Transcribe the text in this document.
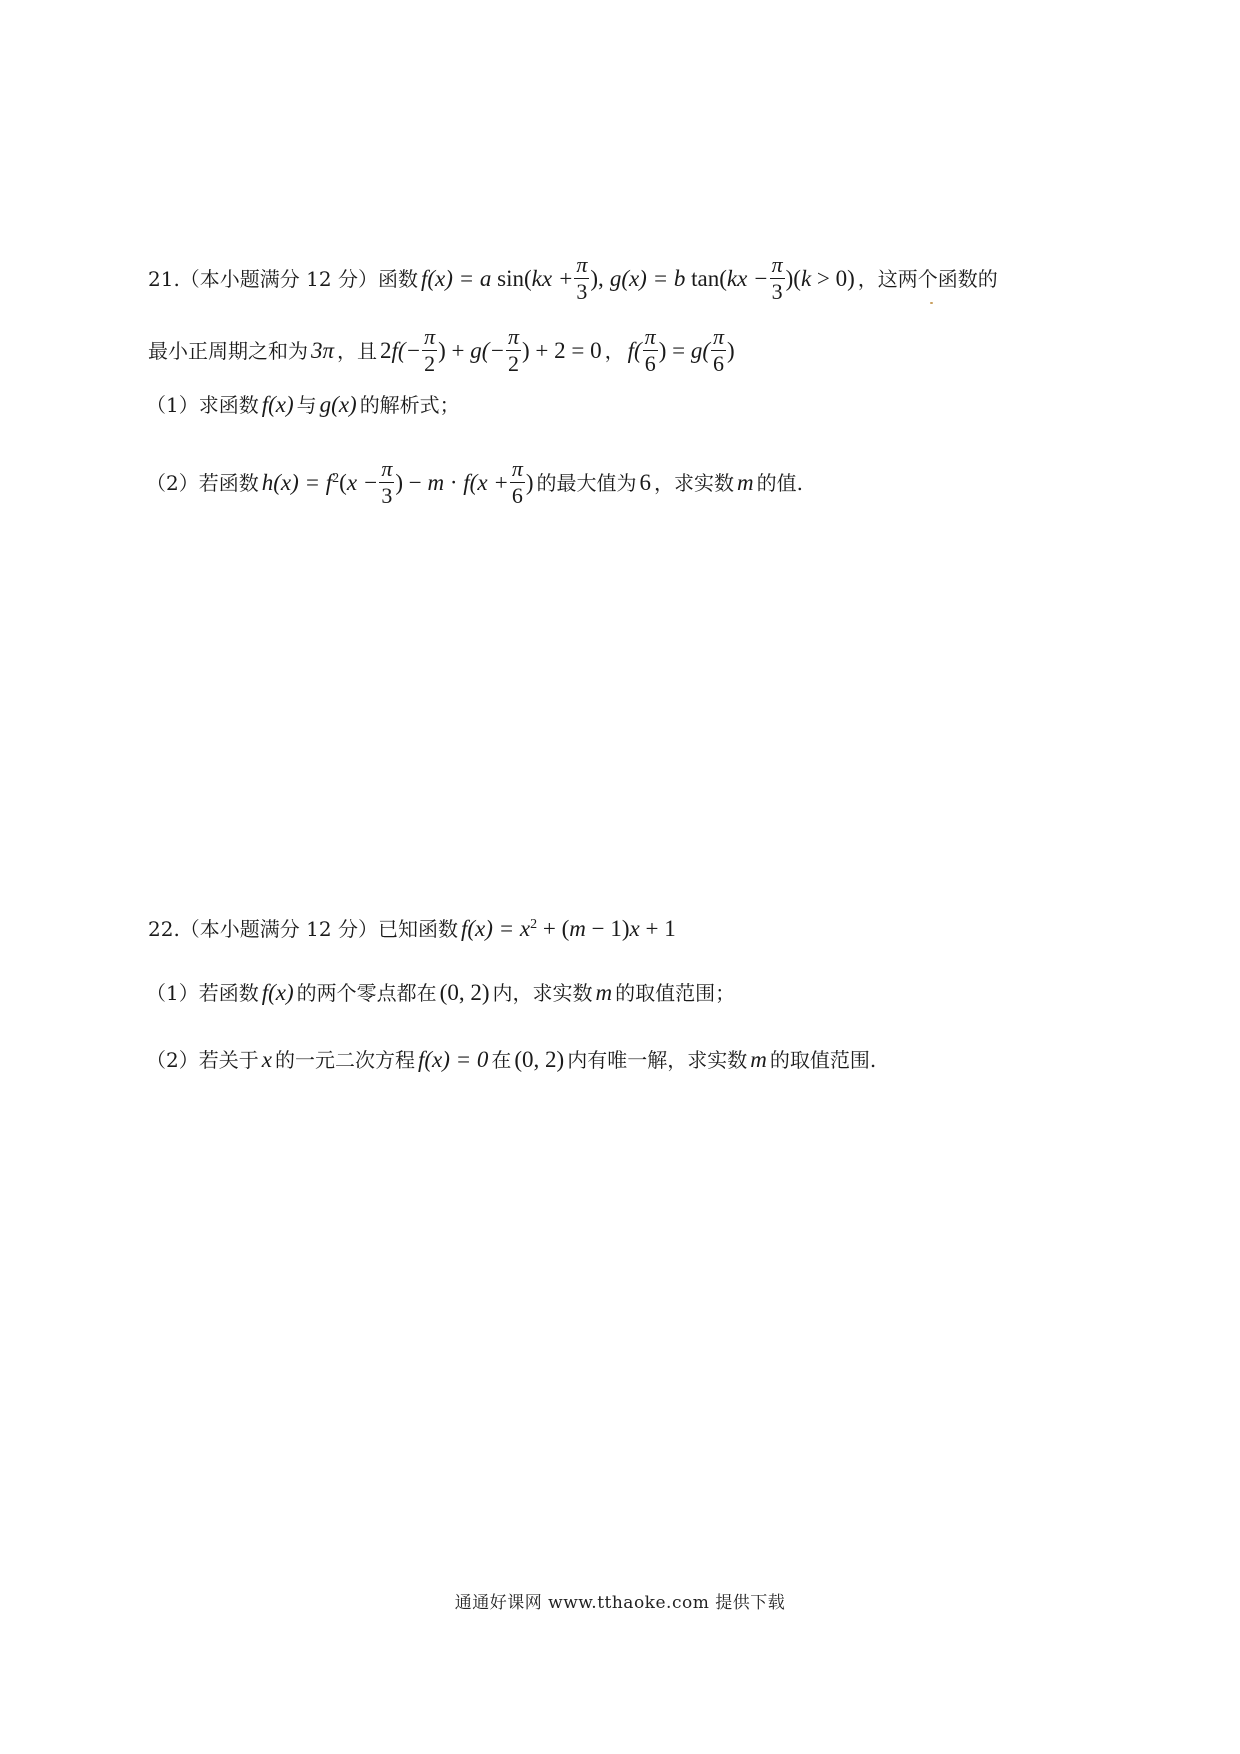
21.（本小题满分 12 分）函数 f(x) = a sin( kx + $\frac{\pi}{3}$ ), g(x) = b tan( kx − $\frac{\pi}{3}$ )( k > 0) ，这两个函数的
最小正周期之和为 3π ，且 2 $f(- \frac{\pi}{2}$ ) + $g(- \frac{\pi}{2}$ ) + 2 = 0 ， $f( \frac{\pi}{6}$ ) = $g( \frac{\pi}{6}$ )
（1）求函数 f(x) 与 g(x) 的解析式；
（2）若函数 $h(x) = f^2$ ( $x - \frac{\pi}{3}$ ) − $m \cdot f(x + \frac{\pi}{6}$ ) 的最大值为 6 ，求实数 m 的值.
22.（本小题满分 12 分）已知函数 $f(x) = x^2$ + ( m − 1) x + 1
（1）若函数 f(x) 的两个零点都在 (0, 2) 内，求实数 m 的取值范围；
（2）若关于 x 的一元二次方程 f(x) = 0 在 (0, 2) 内有唯一解，求实数 m 的取值范围.
通通好课网 www.tthaoke.com 提供下载
